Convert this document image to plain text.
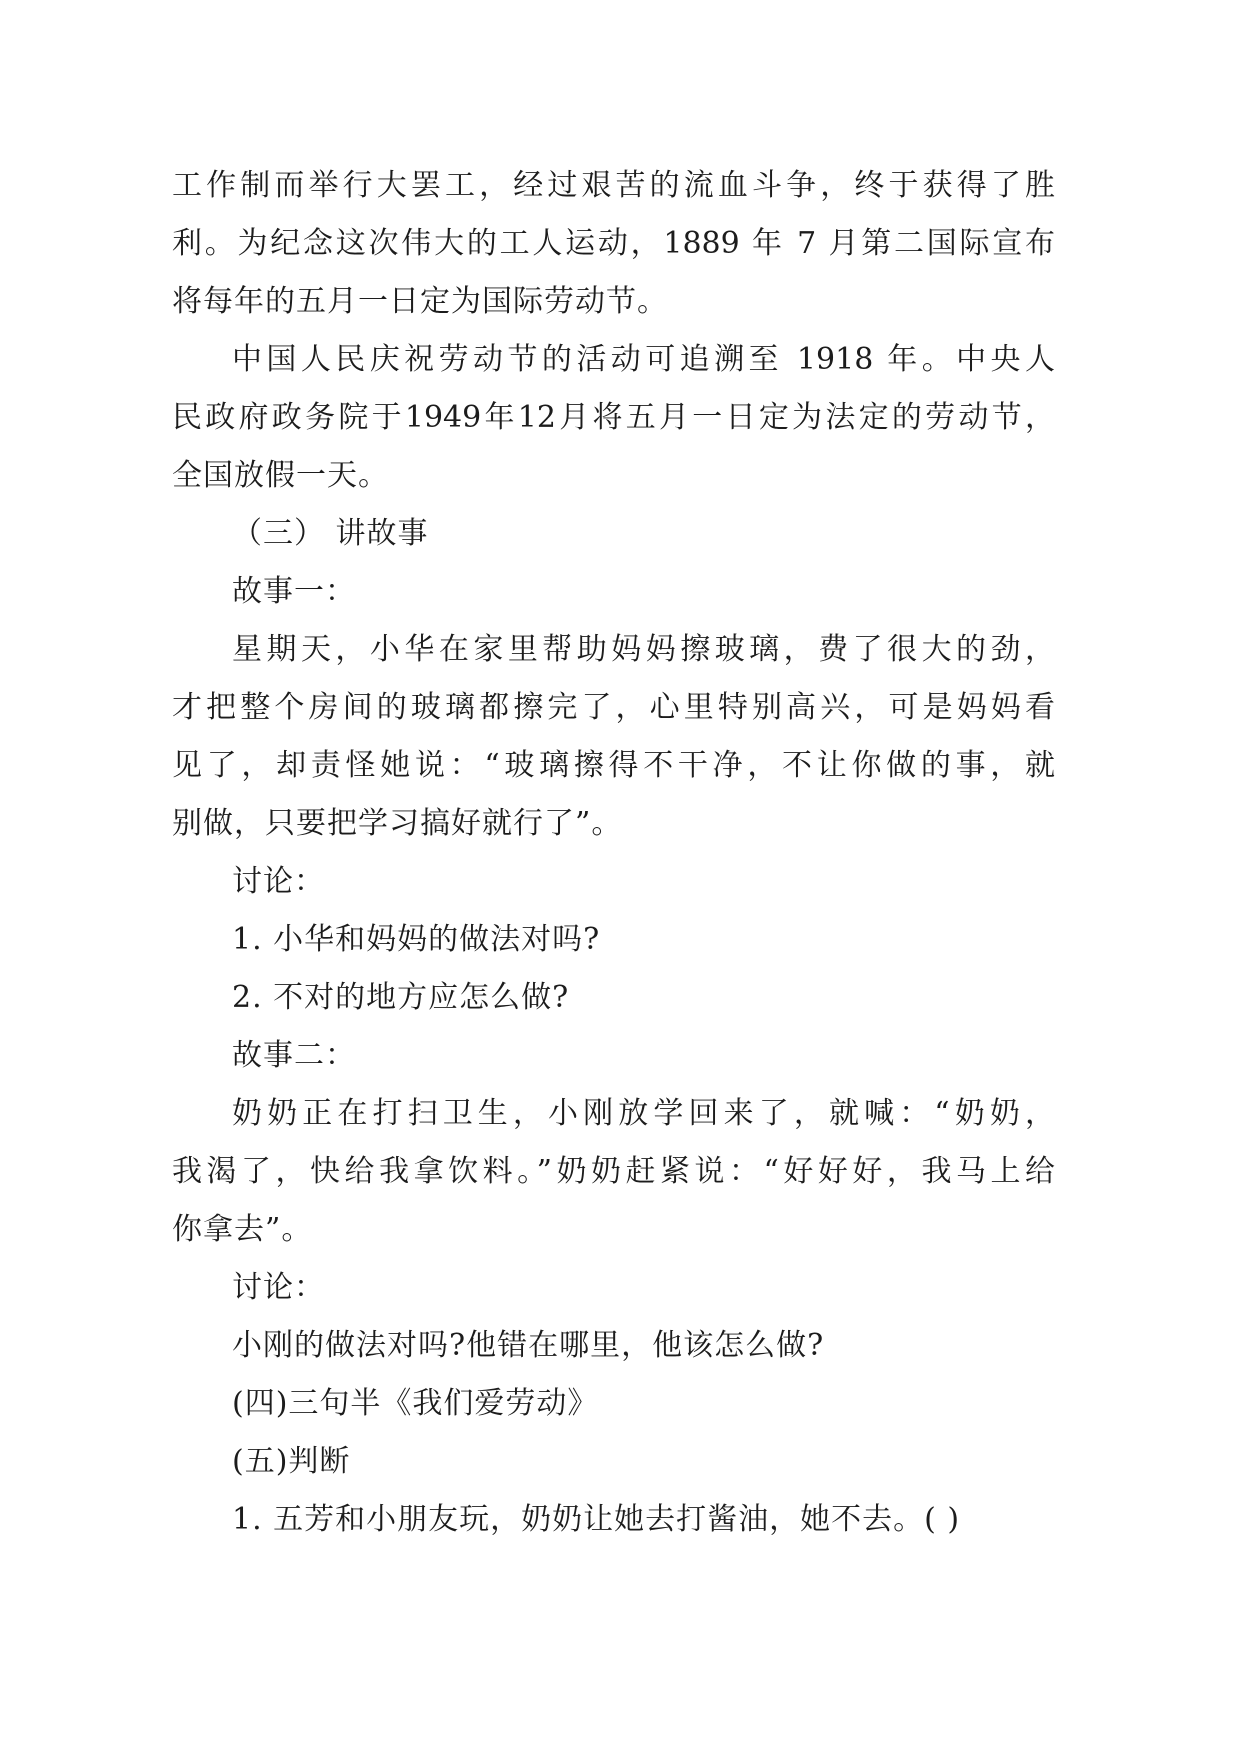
工作制而举行大罢工，经过艰苦的流血斗争，终于获得了胜
利。为纪念这次伟大的工人运动，1889 年 7 月第二国际宣布
将每年的五月一日定为国际劳动节。
中国人民庆祝劳动节的活动可追溯至 1918 年。中央人
民政府政务院于1949年12月将五月一日定为法定的劳动节，
全国放假一天。
（三） 讲故事
故事一：
星期天，小华在家里帮助妈妈擦玻璃，费了很大的劲，
才把整个房间的玻璃都擦完了，心里特别高兴，可是妈妈看
见了，却责怪她说：“玻璃擦得不干净，不让你做的事，就
别做，只要把学习搞好就行了”。
讨论：
1. 小华和妈妈的做法对吗?
2. 不对的地方应怎么做?
故事二：
奶奶正在打扫卫生，小刚放学回来了，就喊：“奶奶，
我渴了，快给我拿饮料。”奶奶赶紧说：“好好好，我马上给
你拿去”。
讨论：
小刚的做法对吗?他错在哪里，他该怎么做?
(四)三句半《我们爱劳动》
(五)判断
1. 五芳和小朋友玩，奶奶让她去打酱油，她不去。( )
